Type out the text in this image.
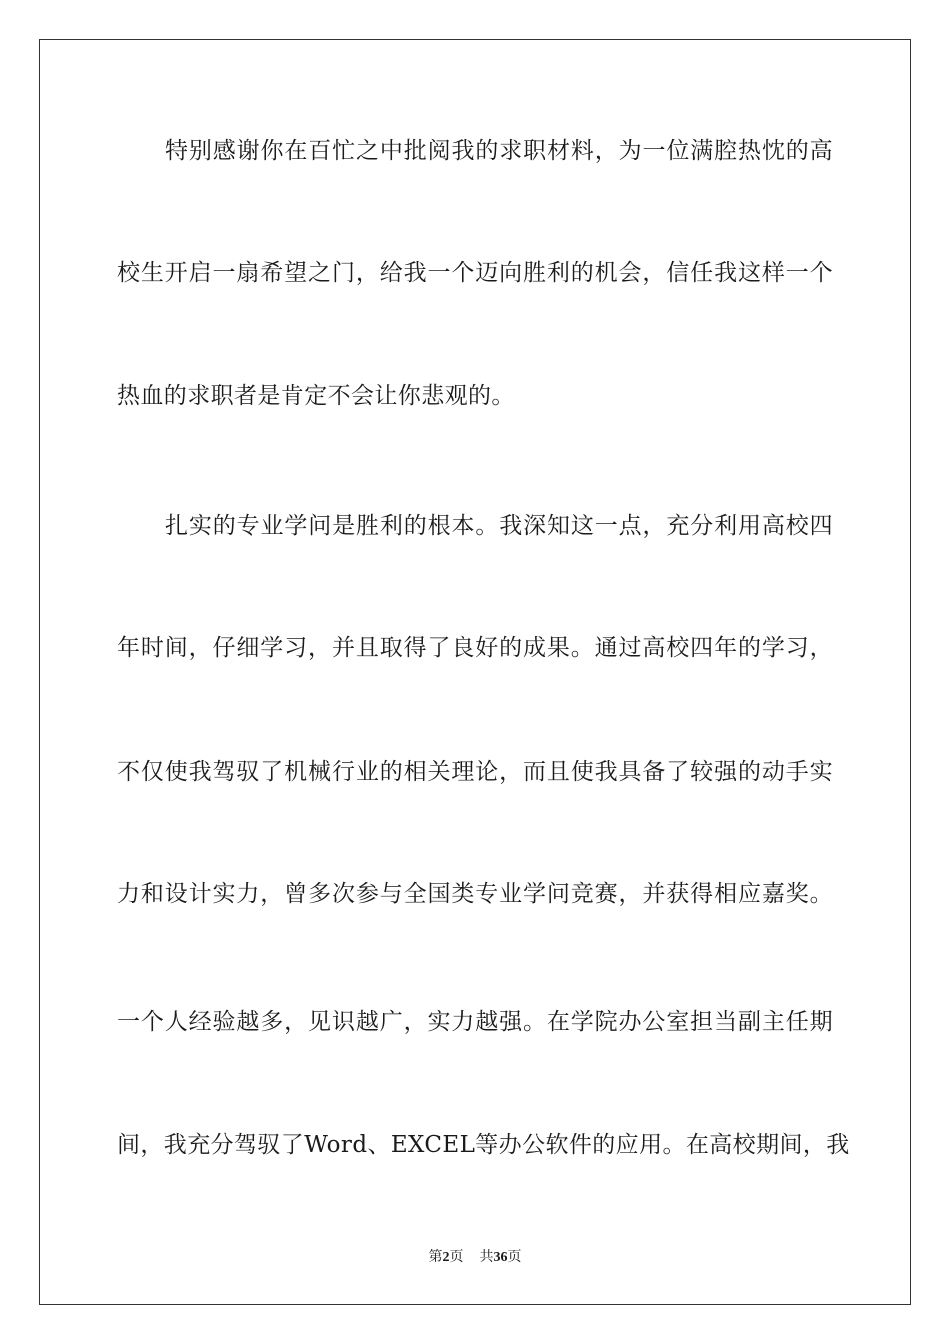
特别感谢你在百忙之中批阅我的求职材料，为一位满腔热忱的高
校生开启一扇希望之门，给我一个迈向胜利的机会，信任我这样一个
热血的求职者是肯定不会让你悲观的。
扎实的专业学问是胜利的根本。我深知这一点，充分利用高校四
年时间，仔细学习，并且取得了良好的成果。通过高校四年的学习，
不仅使我驾驭了机械行业的相关理论，而且使我具备了较强的动手实
力和设计实力，曾多次参与全国类专业学问竞赛，并获得相应嘉奖。
一个人经验越多，见识越广，实力越强。在学院办公室担当副主任期
间，我充分驾驭了Word、EXCEL等办公软件的应用。在高校期间，我
第2页 共36页
